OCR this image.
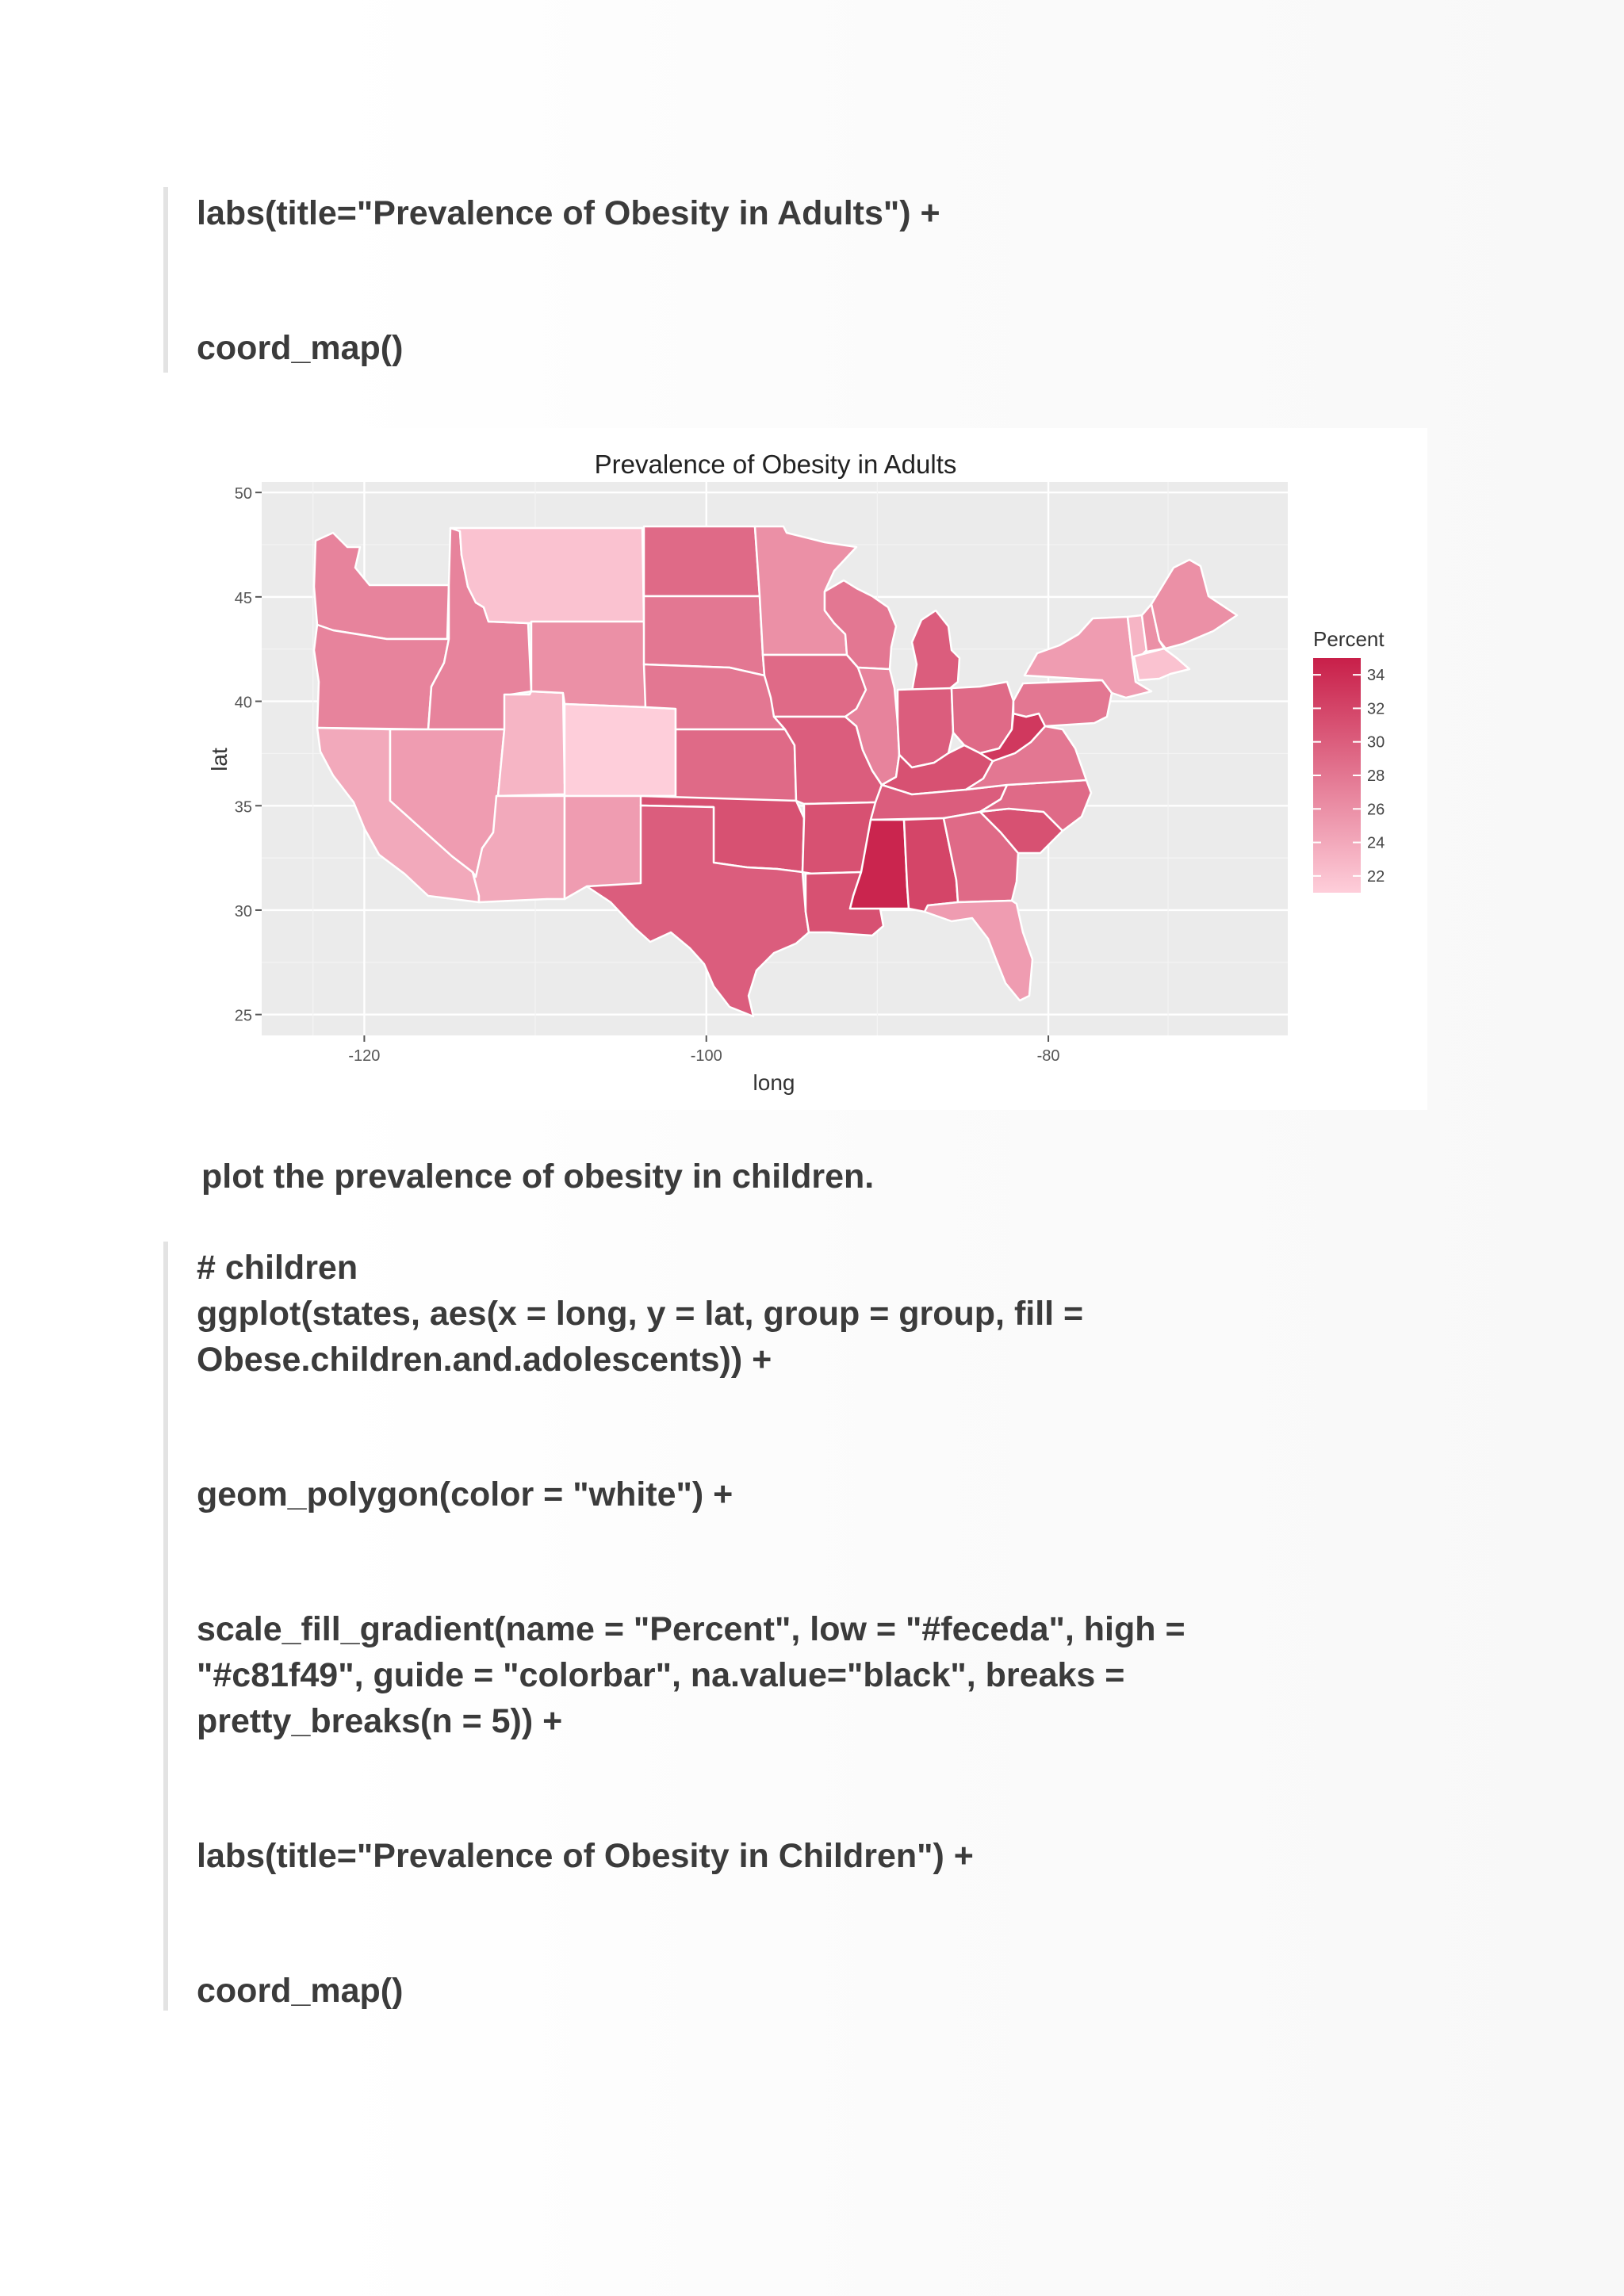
labs(title="Prevalence of Obesity in Adults") +

coord_map()

Prevalence of Obesity in Adults
25
30
35
40
45
50
-120	-100	-80
long
lat
Percent
22
24
26
28
30
32
34

plot the prevalence of obesity in children.

# children

ggplot(states, aes(x = long, y = lat, group = group, fill =

Obese.children.and.adolescents)) +

geom_polygon(color = "white") +

scale_fill_gradient(name = "Percent", low = "#feceda", high =

"#c81f49", guide = "colorbar", na.value="black", breaks =

pretty_breaks(n = 5)) +

labs(title="Prevalence of Obesity in Children") +

coord_map()
